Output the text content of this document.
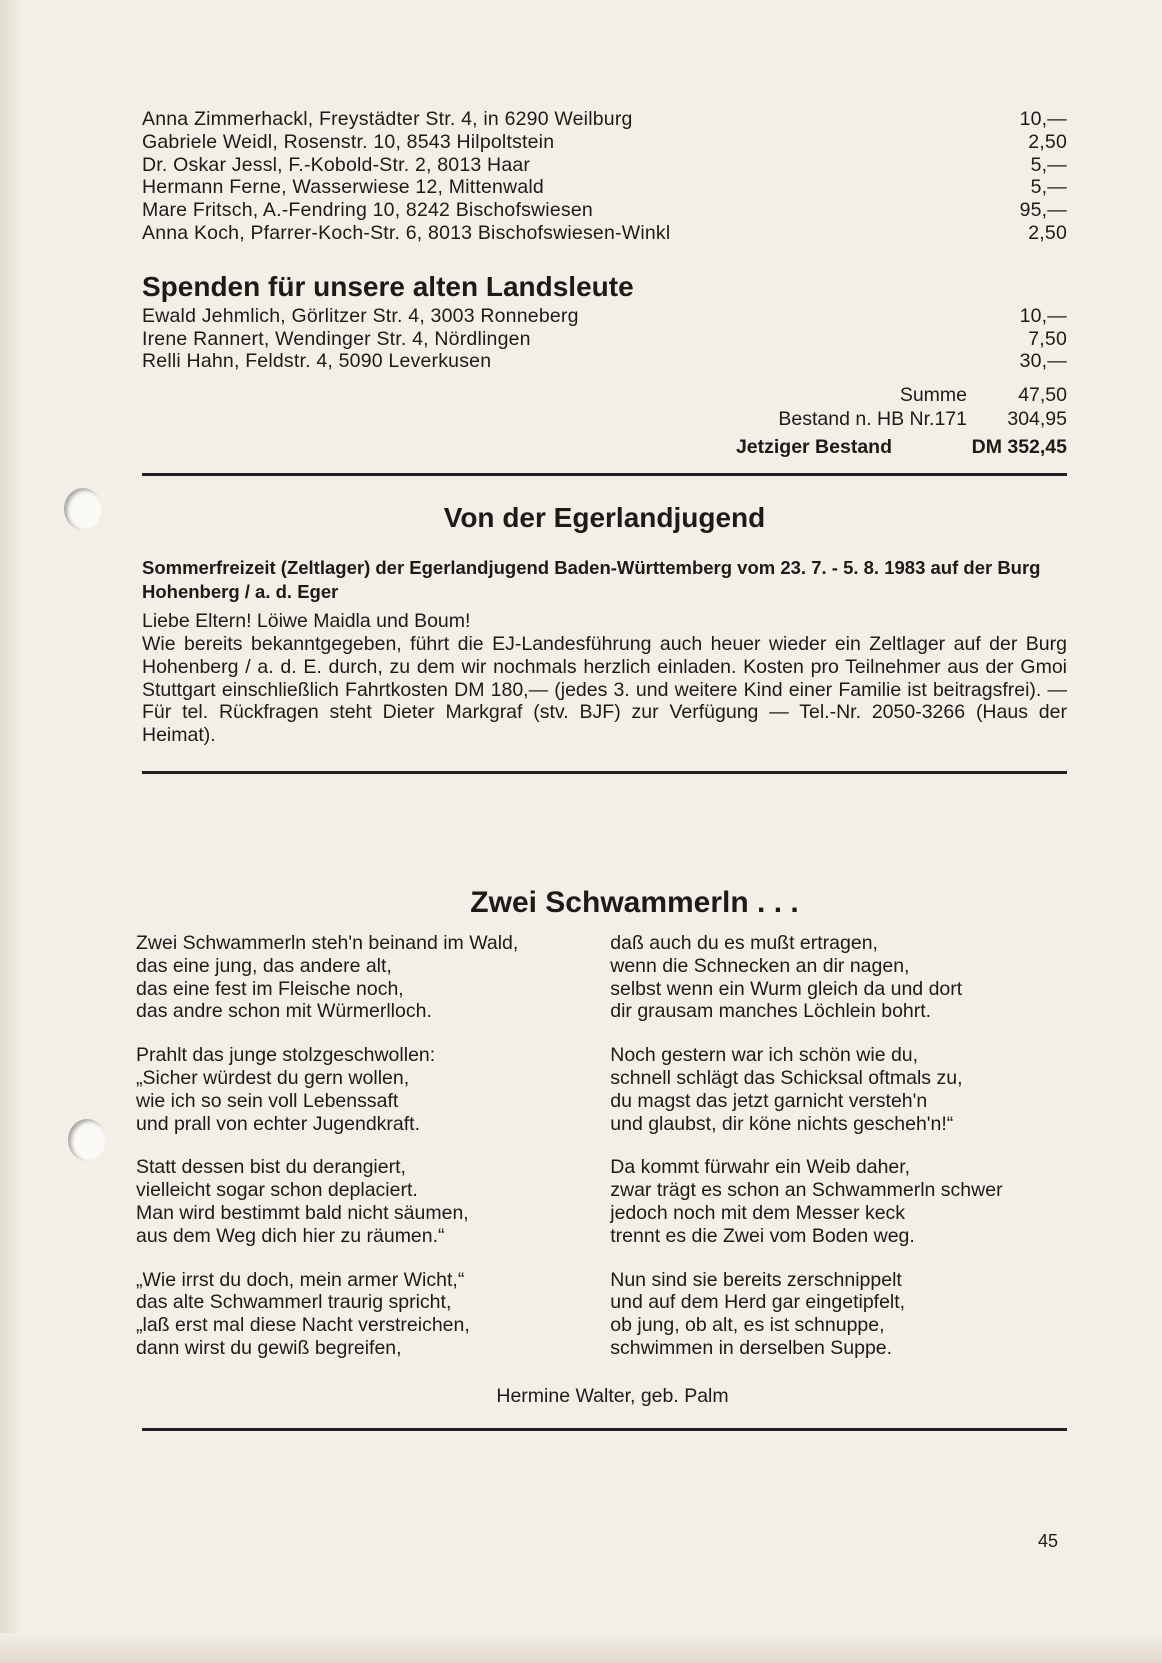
Anna Zimmerhackl, Freystädter Str. 4, in 6290 Weilburg	10,—
Gabriele Weidl, Rosenstr. 10, 8543 Hilpoltstein	2,50
Dr. Oskar Jessl, F.-Kobold-Str. 2, 8013 Haar	5,—
Hermann Ferne, Wasserwiese 12, Mittenwald	5,—
Mare Fritsch, A.-Fendring 10, 8242 Bischofswiesen	95,—
Anna Koch, Pfarrer-Koch-Str. 6, 8013 Bischofswiesen-Winkl	2,50
Spenden für unsere alten Landsleute
Ewald Jehmlich, Görlitzer Str. 4, 3003 Ronneberg	10,—
Irene Rannert, Wendinger Str. 4, Nördlingen	7,50
Relli Hahn, Feldstr. 4, 5090 Leverkusen	30,—
Summe	47,50
Bestand n. HB Nr.171	304,95
Jetziger Bestand	DM 352,45
Von der Egerlandjugend
Sommerfreizeit (Zeltlager) der Egerlandjugend Baden-Württemberg vom 23. 7. - 5. 8. 1983 auf der Burg Hohenberg / a. d. Eger
Liebe Eltern! Löiwe Maidla und Boum!
Wie bereits bekanntgegeben, führt die EJ-Landesführung auch heuer wieder ein Zeltlager auf der Burg Hohenberg / a. d. E. durch, zu dem wir nochmals herzlich einladen. Kosten pro Teilnehmer aus der Gmoi Stuttgart einschließlich Fahrtkosten DM 180,— (jedes 3. und weitere Kind einer Familie ist beitragsfrei). — Für tel. Rückfragen steht Dieter Markgraf (stv. BJF) zur Verfügung — Tel.-Nr. 2050-3266 (Haus der Heimat).
Zwei Schwammerln . . .
Zwei Schwammerln steh'n beinand im Wald,
das eine jung, das andere alt,
das eine fest im Fleische noch,
das andre schon mit Würmerlloch.
Prahlt das junge stolzgeschwollen:
„Sicher würdest du gern wollen,
wie ich so sein voll Lebenssaft
und prall von echter Jugendkraft.
Statt dessen bist du derangiert,
vielleicht sogar schon deplaciert.
Man wird bestimmt bald nicht säumen,
aus dem Weg dich hier zu räumen.“
„Wie irrst du doch, mein armer Wicht,“
das alte Schwammerl traurig spricht,
„laß erst mal diese Nacht verstreichen,
dann wirst du gewiß begreifen,
daß auch du es mußt ertragen,
wenn die Schnecken an dir nagen,
selbst wenn ein Wurm gleich da und dort
dir grausam manches Löchlein bohrt.
Noch gestern war ich schön wie du,
schnell schlägt das Schicksal oftmals zu,
du magst das jetzt garnicht versteh'n
und glaubst, dir köne nichts gescheh'n!“
Da kommt fürwahr ein Weib daher,
zwar trägt es schon an Schwammerln schwer
jedoch noch mit dem Messer keck
trennt es die Zwei vom Boden weg.
Nun sind sie bereits zerschnippelt
und auf dem Herd gar eingetipfelt,
ob jung, ob alt, es ist schnuppe,
schwimmen in derselben Suppe.
Hermine Walter, geb. Palm
45
